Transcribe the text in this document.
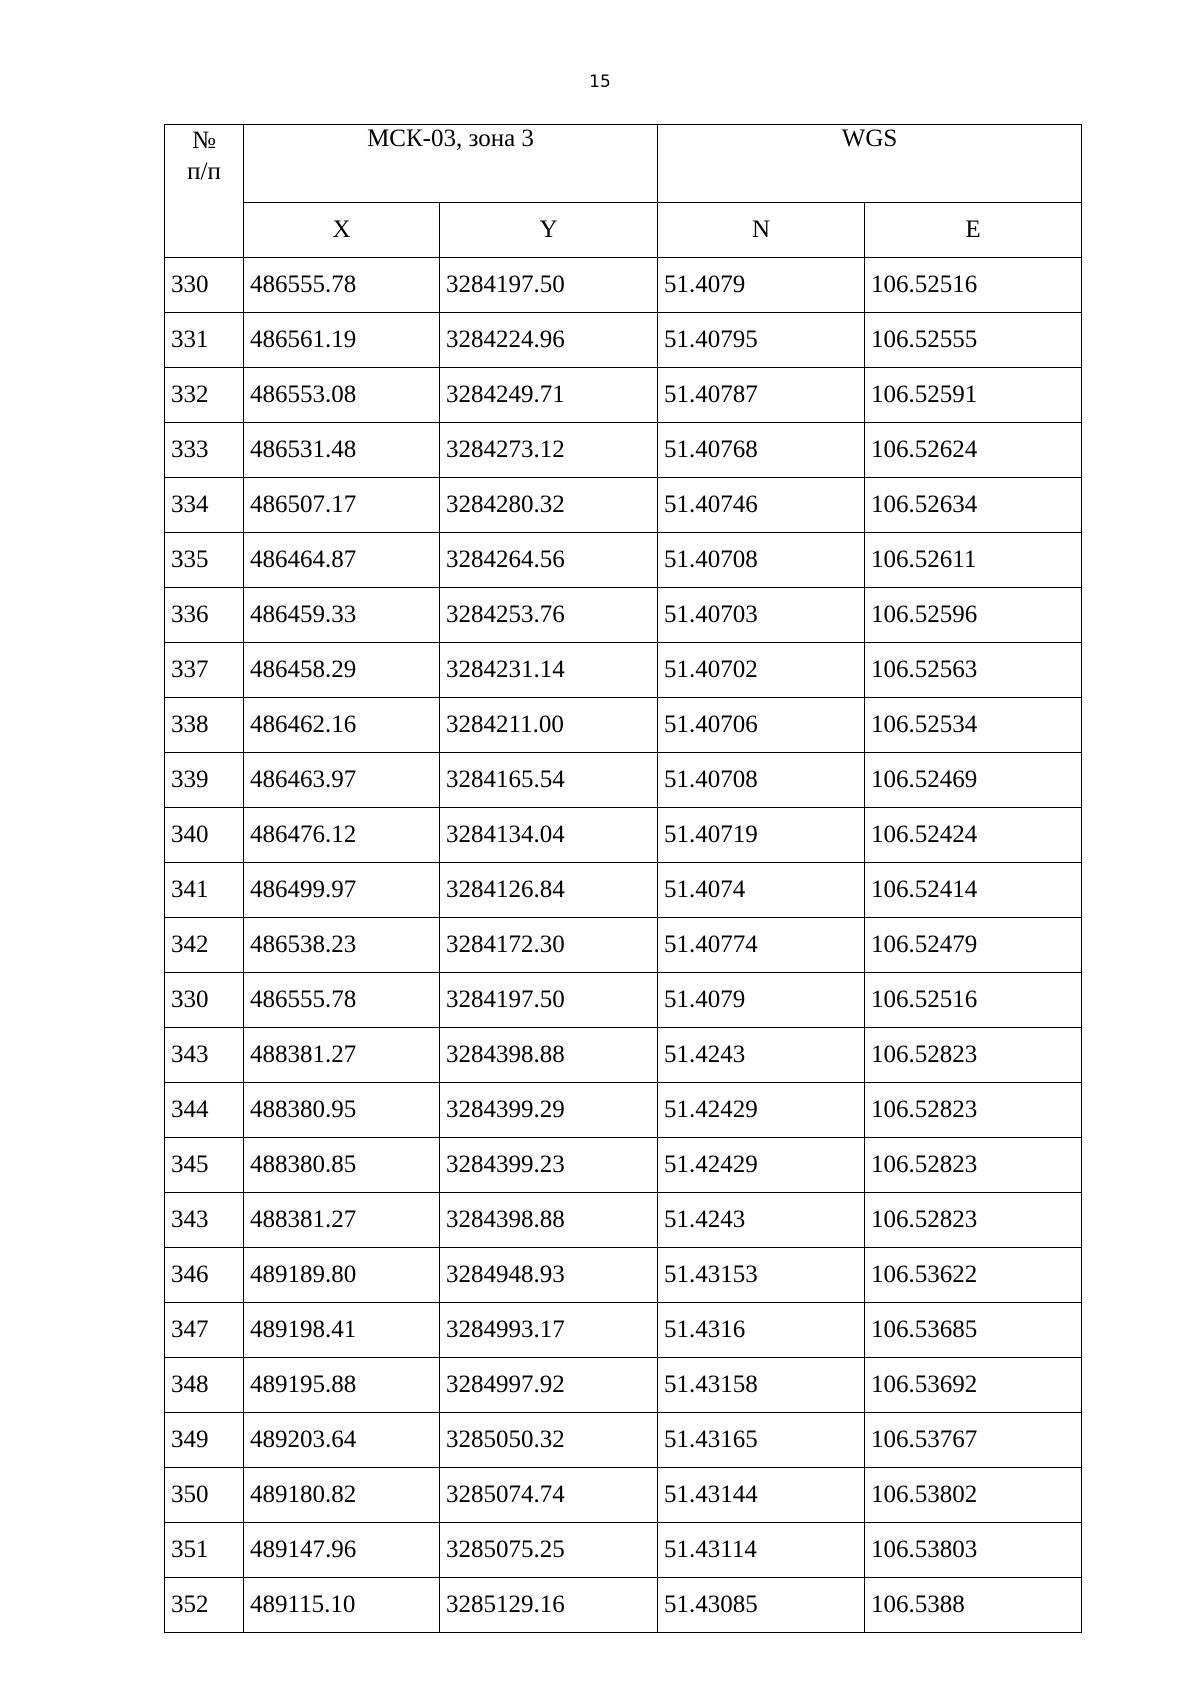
15
№
п/п	МСК-03, зона 3		WGS	
	X	Y	N	E
330	486555.78	3284197.50	51.4079	106.52516
331	486561.19	3284224.96	51.40795	106.52555
332	486553.08	3284249.71	51.40787	106.52591
333	486531.48	3284273.12	51.40768	106.52624
334	486507.17	3284280.32	51.40746	106.52634
335	486464.87	3284264.56	51.40708	106.52611
336	486459.33	3284253.76	51.40703	106.52596
337	486458.29	3284231.14	51.40702	106.52563
338	486462.16	3284211.00	51.40706	106.52534
339	486463.97	3284165.54	51.40708	106.52469
340	486476.12	3284134.04	51.40719	106.52424
341	486499.97	3284126.84	51.4074	106.52414
342	486538.23	3284172.30	51.40774	106.52479
330	486555.78	3284197.50	51.4079	106.52516
343	488381.27	3284398.88	51.4243	106.52823
344	488380.95	3284399.29	51.42429	106.52823
345	488380.85	3284399.23	51.42429	106.52823
343	488381.27	3284398.88	51.4243	106.52823
346	489189.80	3284948.93	51.43153	106.53622
347	489198.41	3284993.17	51.4316	106.53685
348	489195.88	3284997.92	51.43158	106.53692
349	489203.64	3285050.32	51.43165	106.53767
350	489180.82	3285074.74	51.43144	106.53802
351	489147.96	3285075.25	51.43114	106.53803
352	489115.10	3285129.16	51.43085	106.5388
